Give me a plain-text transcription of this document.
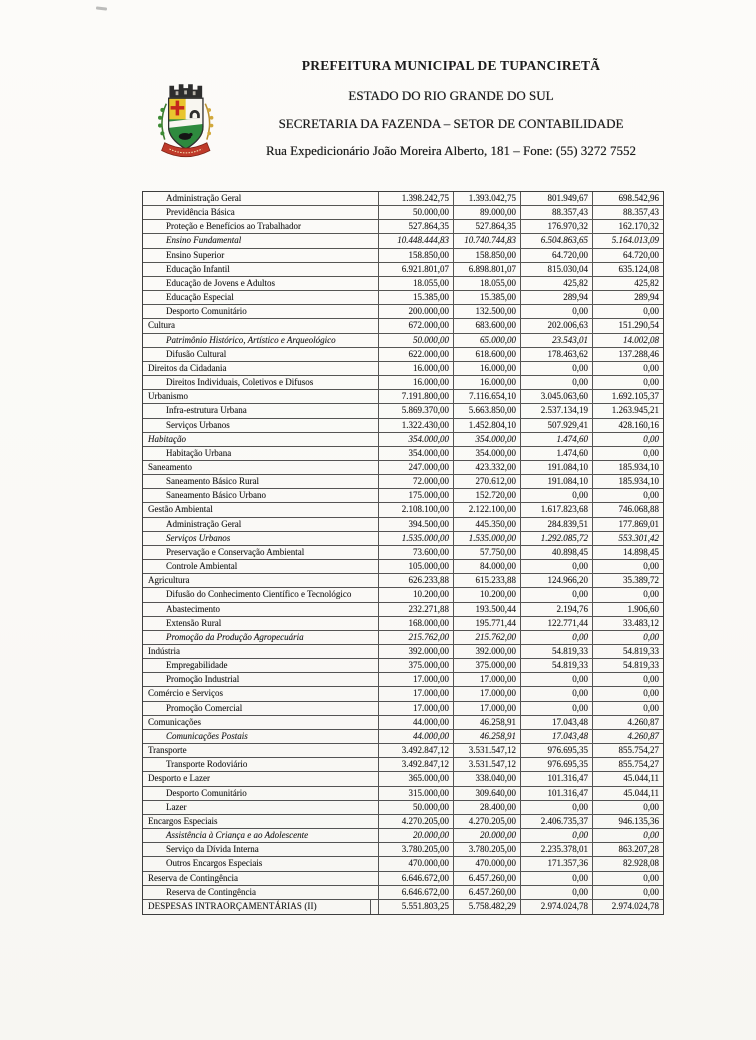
PREFEITURA MUNICIPAL DE TUPANCIRETÃ
ESTADO DO RIO GRANDE DO SUL
SECRETARIA DA FAZENDA – SETOR DE CONTABILIDADE
Rua Expedicionário João Moreira Alberto, 181 – Fone: (55) 3272 7552
Administração Geral	1.398.242,75	1.393.042,75	801.949,67	698.542,96
Previdência Básica	50.000,00	89.000,00	88.357,43	88.357,43
Proteção e Benefícios ao Trabalhador	527.864,35	527.864,35	176.970,32	162.170,32
Ensino Fundamental	10.448.444,83	10.740.744,83	6.504.863,65	5.164.013,09
Ensino Superior	158.850,00	158.850,00	64.720,00	64.720,00
Educação Infantil	6.921.801,07	6.898.801,07	815.030,04	635.124,08
Educação de Jovens e Adultos	18.055,00	18.055,00	425,82	425,82
Educação Especial	15.385,00	15.385,00	289,94	289,94
Desporto Comunitário	200.000,00	132.500,00	0,00	0,00
Cultura	672.000,00	683.600,00	202.006,63	151.290,54
Patrimônio Histórico, Artístico e Arqueológico	50.000,00	65.000,00	23.543,01	14.002,08
Difusão Cultural	622.000,00	618.600,00	178.463,62	137.288,46
Direitos da Cidadania	16.000,00	16.000,00	0,00	0,00
Direitos Individuais, Coletivos e Difusos	16.000,00	16.000,00	0,00	0,00
Urbanismo	7.191.800,00	7.116.654,10	3.045.063,60	1.692.105,37
Infra-estrutura Urbana	5.869.370,00	5.663.850,00	2.537.134,19	1.263.945,21
Serviços Urbanos	1.322.430,00	1.452.804,10	507.929,41	428.160,16
Habitação	354.000,00	354.000,00	1.474,60	0,00
Habitação Urbana	354.000,00	354.000,00	1.474,60	0,00
Saneamento	247.000,00	423.332,00	191.084,10	185.934,10
Saneamento Básico Rural	72.000,00	270.612,00	191.084,10	185.934,10
Saneamento Básico Urbano	175.000,00	152.720,00	0,00	0,00
Gestão Ambiental	2.108.100,00	2.122.100,00	1.617.823,68	746.068,88
Administração Geral	394.500,00	445.350,00	284.839,51	177.869,01
Serviços Urbanos	1.535.000,00	1.535.000,00	1.292.085,72	553.301,42
Preservação e Conservação Ambiental	73.600,00	57.750,00	40.898,45	14.898,45
Controle Ambiental	105.000,00	84.000,00	0,00	0,00
Agricultura	626.233,88	615.233,88	124.966,20	35.389,72
Difusão do Conhecimento Científico e Tecnológico	10.200,00	10.200,00	0,00	0,00
Abastecimento	232.271,88	193.500,44	2.194,76	1.906,60
Extensão Rural	168.000,00	195.771,44	122.771,44	33.483,12
Promoção da Produção Agropecuária	215.762,00	215.762,00	0,00	0,00
Indústria	392.000,00	392.000,00	54.819,33	54.819,33
Empregabilidade	375.000,00	375.000,00	54.819,33	54.819,33
Promoção Industrial	17.000,00	17.000,00	0,00	0,00
Comércio e Serviços	17.000,00	17.000,00	0,00	0,00
Promoção Comercial	17.000,00	17.000,00	0,00	0,00
Comunicações	44.000,00	46.258,91	17.043,48	4.260,87
Comunicações Postais	44.000,00	46.258,91	17.043,48	4.260,87
Transporte	3.492.847,12	3.531.547,12	976.695,35	855.754,27
Transporte Rodoviário	3.492.847,12	3.531.547,12	976.695,35	855.754,27
Desporto e Lazer	365.000,00	338.040,00	101.316,47	45.044,11
Desporto Comunitário	315.000,00	309.640,00	101.316,47	45.044,11
Lazer	50.000,00	28.400,00	0,00	0,00
Encargos Especiais	4.270.205,00	4.270.205,00	2.406.735,37	946.135,36
Assistência à Criança e ao Adolescente	20.000,00	20.000,00	0,00	0,00
Serviço da Dívida Interna	3.780.205,00	3.780.205,00	2.235.378,01	863.207,28
Outros Encargos Especiais	470.000,00	470.000,00	171.357,36	82.928,08
Reserva de Contingência	6.646.672,00	6.457.260,00	0,00	0,00
Reserva de Contingência	6.646.672,00	6.457.260,00	0,00	0,00
DESPESAS INTRAORÇAMENTÁRIAS (II)	5.551.803,25	5.758.482,29	2.974.024,78	2.974.024,78
